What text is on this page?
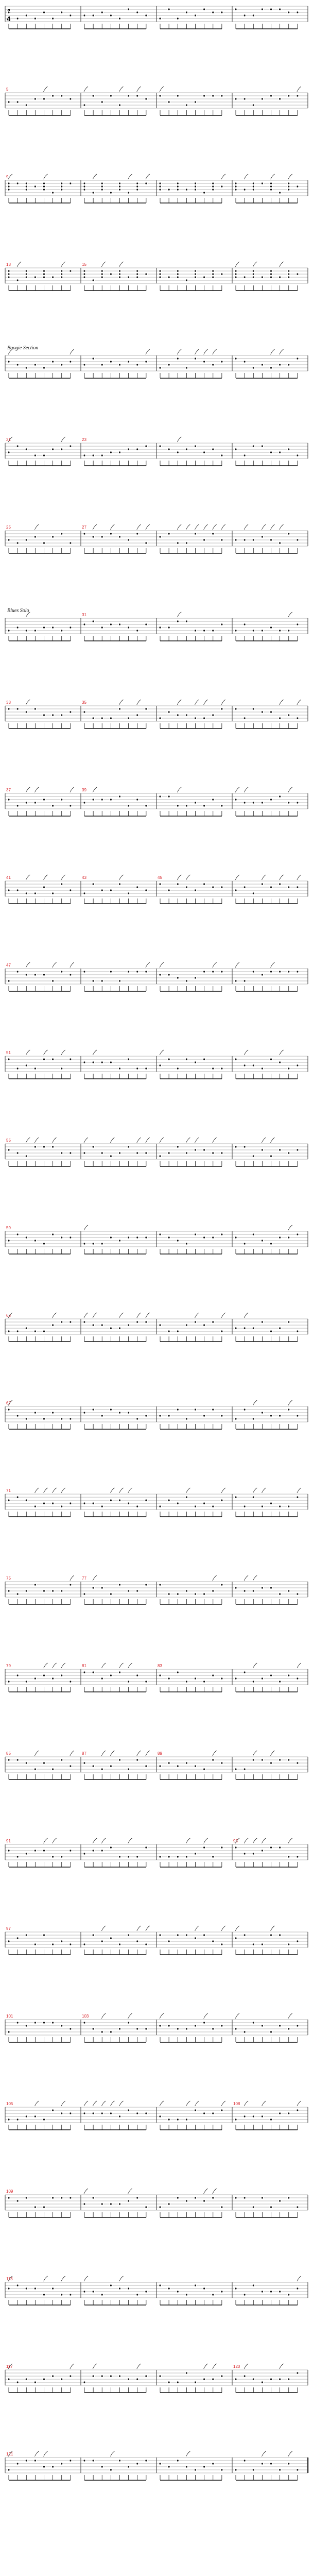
4
5
9
13	15
Boogie Section
21	23
25	27
Blues Solo
31
33	35
37	39
41	43	45
47
51
55
59
63
67
71
75	77
79	81	83
85	87	89
91	95
97
101	103
105	108
109
113
117	120
121
